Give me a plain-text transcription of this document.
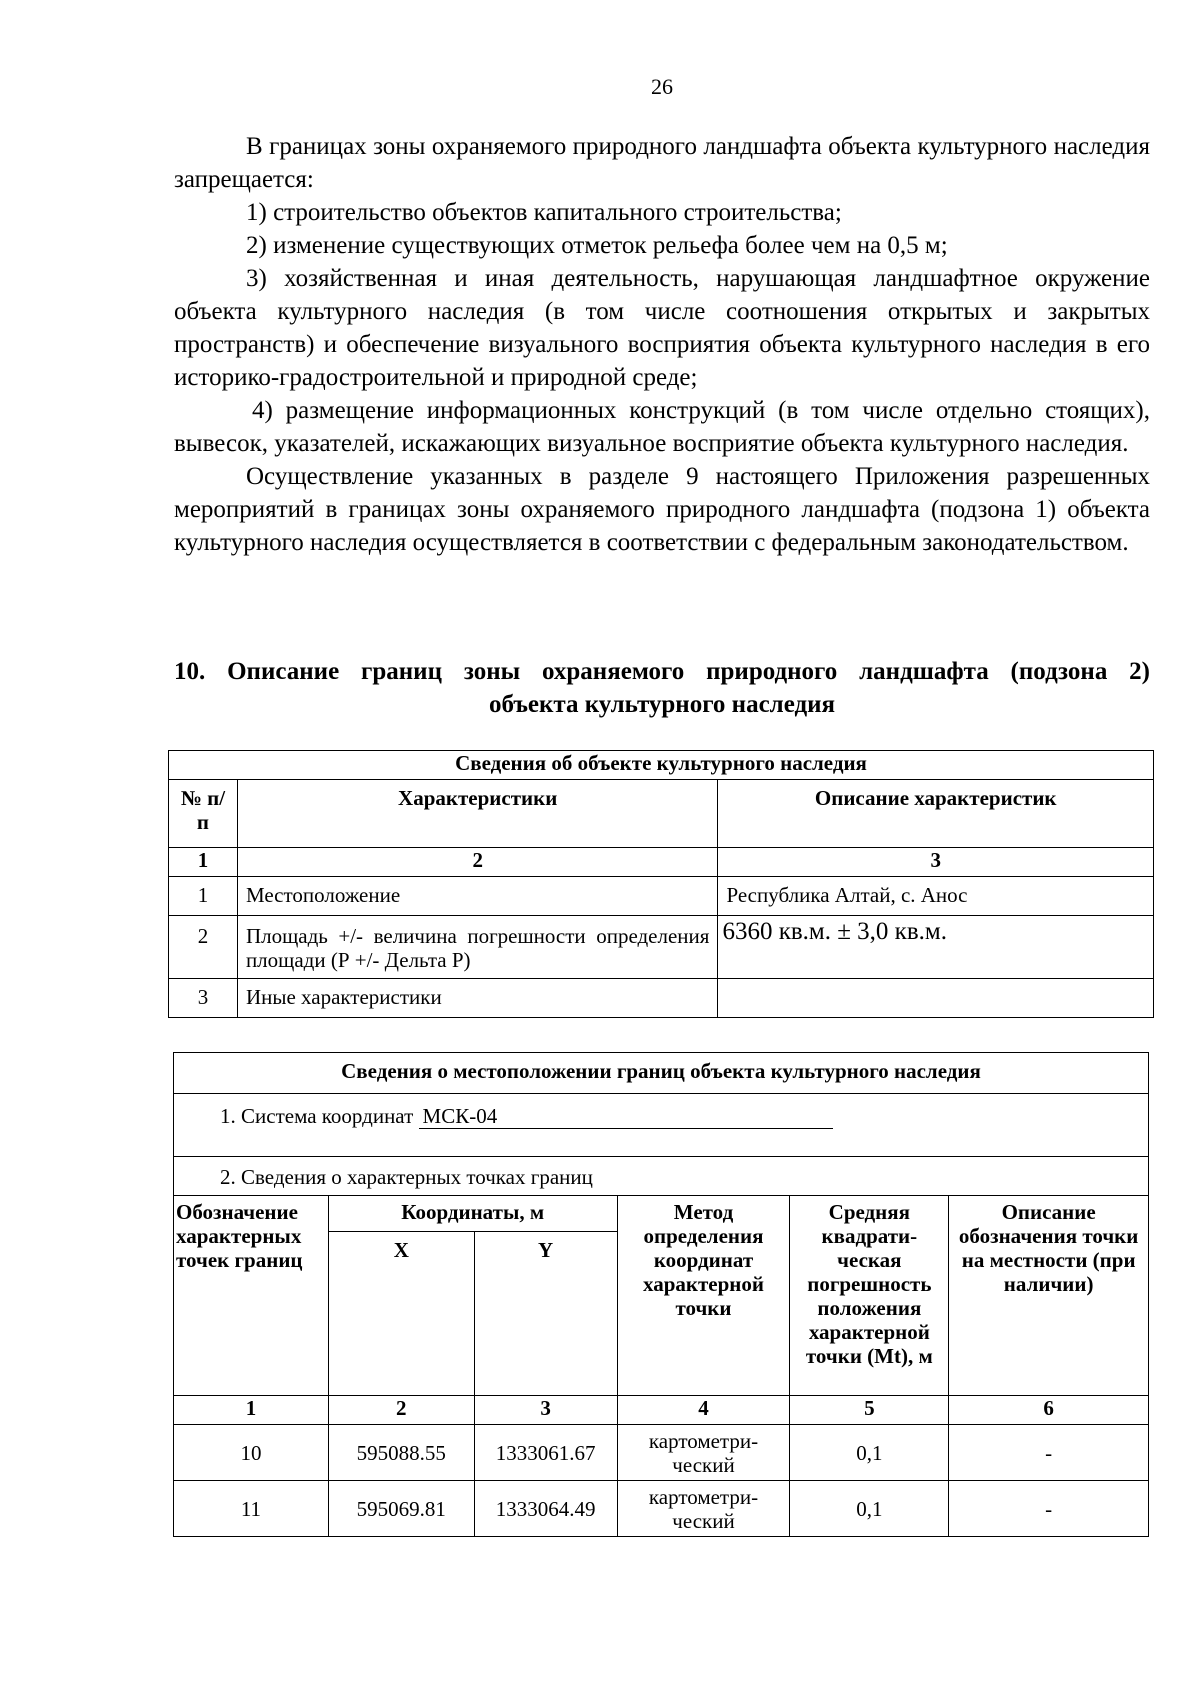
26

В границах зоны охраняемого природного ландшафта объекта культурного наследия запрещается:

1) строительство объектов капитального строительства;

2) изменение существующих отметок рельефа более чем на 0,5 м;

3) хозяйственная и иная деятельность, нарушающая ландшафтное окружение объекта культурного наследия (в том числе соотношения открытых и закрытых пространств) и обеспечение визуального восприятия объекта культурного наследия в его историко-градостроительной и природной среде;

4) размещение информационных конструкций (в том числе отдельно стоящих), вывесок, указателей, искажающих визуальное восприятие объекта культурного наследия.

Осуществление указанных в разделе 9 настоящего Приложения разрешенных мероприятий в границах зоны охраняемого природного ландшафта (подзона 1) объекта культурного наследия осуществляется в соответствии с федеральным законодательством.

10. Описание границ зоны охраняемого природного ландшафта (подзона 2)
объекта культурного наследия
Сведения об объекте культурного наследия		
№ п/п	Характеристики	Описание характеристик
1	2	3
1	Местоположение	Республика Алтай, с. Анос
2	Площадь +/- величина погрешности определения площади (Р +/- Дельта Р)	6360 кв.м. ± 3,0 кв.м.
3	Иные характеристики	
Сведения о местоположении границ объекта культурного наследия					
1. Система координат МСК-04					
2. Сведения о характерных точках границ					
Обозначение характерных точек границ	Координаты, м		Метод определения координат характерной точки	Средняя квадрати- ческая погрешность положения характерной точки (Mt), м	Описание обозначения точки на местности (при наличии)
	X	Y			
1	2	3	4	5	6
10	595088.55	1333061.67	картометри- ческий	0,1	-
11	595069.81	1333064.49	картометри- ческий	0,1	-
